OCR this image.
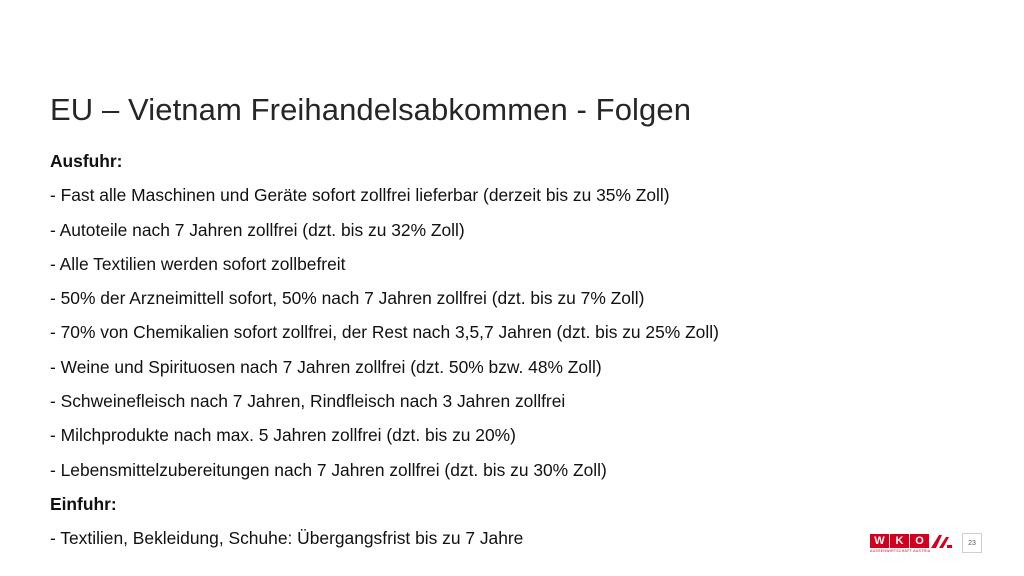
EU – Vietnam Freihandelsabkommen - Folgen
Ausfuhr:
- Fast alle Maschinen und Geräte sofort zollfrei lieferbar (derzeit bis zu 35% Zoll)
- Autoteile nach 7 Jahren zollfrei (dzt. bis zu 32% Zoll)
- Alle Textilien werden sofort zollbefreit
- 50% der Arzneimittell sofort, 50% nach 7 Jahren zollfrei (dzt. bis zu 7% Zoll)
- 70% von Chemikalien sofort zollfrei, der Rest nach 3,5,7 Jahren (dzt. bis zu 25% Zoll)
- Weine und Spirituosen nach 7 Jahren zollfrei (dzt. 50% bzw. 48% Zoll)
- Schweinefleisch nach 7 Jahren, Rindfleisch nach 3 Jahren zollfrei
- Milchprodukte nach max. 5 Jahren zollfrei (dzt. bis zu 20%)
- Lebensmittelzubereitungen nach 7 Jahren zollfrei (dzt. bis zu 30% Zoll)
Einfuhr:
- Textilien, Bekleidung, Schuhe: Übergangsfrist bis zu 7 Jahre	W K	O
AUSSENWIRTSCHAFT AUSTRIA
23
